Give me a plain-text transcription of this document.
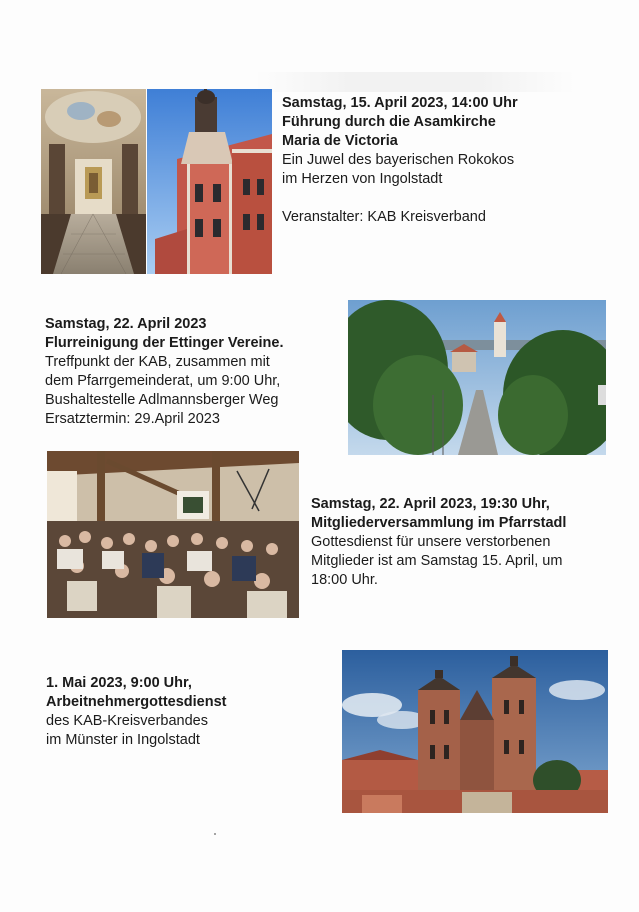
Samstag, 15. April 2023, 14:00 Uhr
Führung durch die Asamkirche
Maria de Victoria
Ein Juwel des bayerischen Rokokos
im Herzen von Ingolstadt
Veranstalter: KAB Kreisverband
Samstag, 22. April 2023
Flurreinigung der Ettinger Vereine.
Treffpunkt der KAB, zusammen mit
dem Pfarrgemeinderat, um 9:00 Uhr,
Bushaltestelle Adlmannsberger Weg
Ersatztermin: 29.April 2023
Samstag, 22. April 2023, 19:30 Uhr,
Mitgliederversammlung im Pfarrstadl
Gottesdienst für unsere verstorbenen
Mitglieder ist am Samstag 15. April, um
18:00 Uhr.
1. Mai 2023, 9:00 Uhr,
Arbeitnehmergottesdienst
des KAB-Kreisverbandes
im Münster in Ingolstadt
